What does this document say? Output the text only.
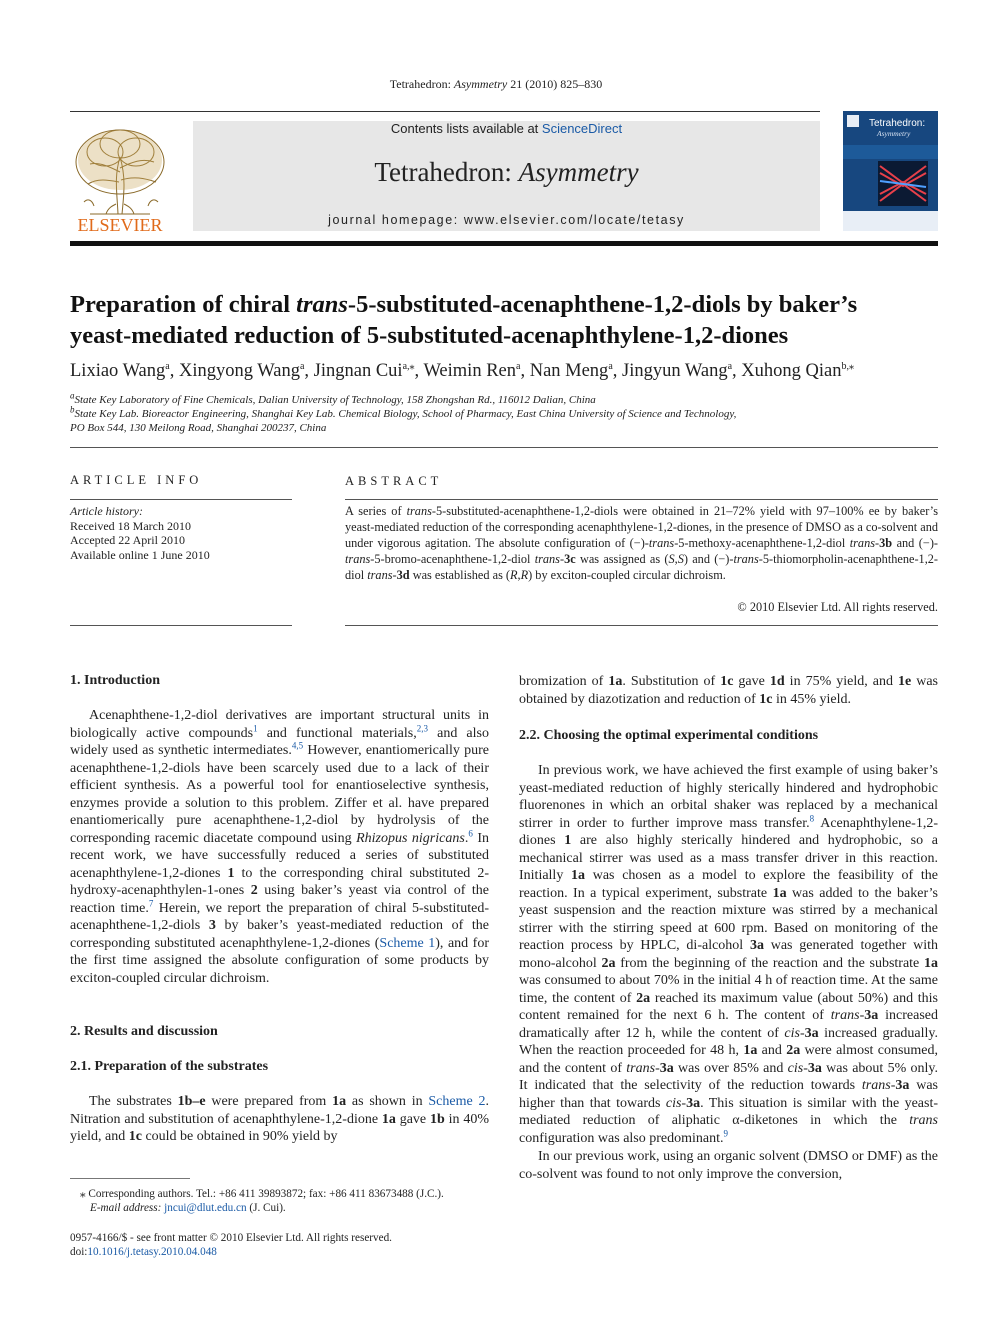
Tetrahedron: Asymmetry 21 (2010) 825–830
ELSEVIER
Contents lists available at ScienceDirect
Tetrahedron: Asymmetry
journal homepage: www.elsevier.com/locate/tetasy
Tetrahedron:
Asymmetry
Preparation of chiral trans-5-substituted-acenaphthene-1,2-diols by baker’s
yeast-mediated reduction of 5-substituted-acenaphthylene-1,2-diones
Lixiao Wang$^a$, Xingyong Wang$^a$, Jingnan Cui$^{a,⁎}$, Weimin Ren$^a$, Nan Meng$^a$, Jingyun Wang$^a$, Xuhong Qian$^{b,⁎}$
$^a$State Key Laboratory of Fine Chemicals, Dalian University of Technology, 158 Zhongshan Rd., 116012 Dalian, China
$^b$State Key Lab. Bioreactor Engineering, Shanghai Key Lab. Chemical Biology, School of Pharmacy, East China University of Science and Technology,
PO Box 544, 130 Meilong Road, Shanghai 200237, China
ARTICLE INFO
Article history:
Received 18 March 2010
Accepted 22 April 2010
Available online 1 June 2010
ABSTRACT
A series of trans-5-substituted-acenaphthene-1,2-diols were obtained in 21–72% yield with 97–100% ee by baker’s yeast-mediated reduction of the corresponding acenaphthylene-1,2-diones, in the presence of DMSO as a co-solvent and under vigorous agitation. The absolute configuration of (−)-trans-5-methoxy-acenaphthene-1,2-diol trans-3b and (−)-trans-5-bromo-acenaphthene-1,2-diol trans-3c was assigned as (S,S) and (−)-trans-5-thiomorpholin-acenaphthene-1,2-diol trans-3d was established as (R,R) by exciton-coupled circular dichroism.
© 2010 Elsevier Ltd. All rights reserved.
1. Introduction

Acenaphthene-1,2-diol derivatives are important structural units in biologically active compounds$^1$ and functional materials,$^{2,3}$ and also widely used as synthetic intermediates.$^{4,5}$ However, enantiomerically pure acenaphthene-1,2-diols have been scarcely used due to a lack of their efficient synthesis. As a powerful tool for enantioselective synthesis, enzymes provide a solution to this problem. Ziffer et al. have prepared enantiomerically pure acenaphthene-1,2-diol by hydrolysis of the corresponding racemic diacetate compound using Rhizopus nigricans.$^6$ In recent work, we have successfully reduced a series of substituted acenaphthylene-1,2-diones 1 to the corresponding chiral substituted 2-hydroxy-acenaphthylen-1-ones 2 using baker’s yeast via control of the reaction time.$^7$ Herein, we report the preparation of chiral 5-substituted-acenaphthene-1,2-diols 3 by baker’s yeast-mediated reduction of the corresponding substituted acenaphthylene-1,2-diones (Scheme 1), and for the first time assigned the absolute configuration of some products by exciton-coupled circular dichroism.

2. Results and discussion
2.1. Preparation of the substrates

The substrates 1b–e were prepared from 1a as shown in Scheme 2. Nitration and substitution of acenaphthylene-1,2-dione 1a gave 1b in 40% yield, and 1c could be obtained in 90% yield by

⁎ Corresponding authors. Tel.: +86 411 39893872; fax: +86 411 83673488 (J.C.).
E-mail address: jncui@dlut.edu.cn (J. Cui).
0957-4166/$ - see front matter © 2010 Elsevier Ltd. All rights reserved.
doi:10.1016/j.tetasy.2010.04.048

bromization of 1a. Substitution of 1c gave 1d in 75% yield, and 1e was obtained by diazotization and reduction of 1c in 45% yield.

2.2. Choosing the optimal experimental conditions

In previous work, we have achieved the first example of using baker’s yeast-mediated reduction of highly sterically hindered and hydrophobic fluorenones in which an orbital shaker was replaced by a mechanical stirrer in order to further improve mass transfer.$^8$ Acenaphthylene-1,2-diones 1 are also highly sterically hindered and hydrophobic, so a mechanical stirrer was used as a mass transfer driver in this reaction. Initially 1a was chosen as a model to explore the feasibility of the reaction. In a typical experiment, substrate 1a was added to the baker’s yeast suspension and the reaction mixture was stirred by a mechanical stirrer with the stirring speed at 600 rpm. Based on monitoring of the reaction process by HPLC, di-alcohol 3a was generated together with mono-alcohol 2a from the beginning of the reaction and the substrate 1a was consumed to about 70% in the initial 4 h of reaction time. At the same time, the content of 2a reached its maximum value (about 50%) and this content remained for the next 6 h. The content of trans-3a increased dramatically after 12 h, while the content of cis-3a increased gradually. When the reaction proceeded for 48 h, 1a and 2a were almost consumed, and the content of trans-3a was over 85% and cis-3a was about 5% only. It indicated that the selectivity of the reduction towards trans-3a was higher than that towards cis-3a. This situation is similar with the yeast-mediated reduction of aliphatic α-diketones in which the trans configuration was also predominant.$^9$

In our previous work, using an organic solvent (DMSO or DMF) as the co-solvent was found to not only improve the conversion,
